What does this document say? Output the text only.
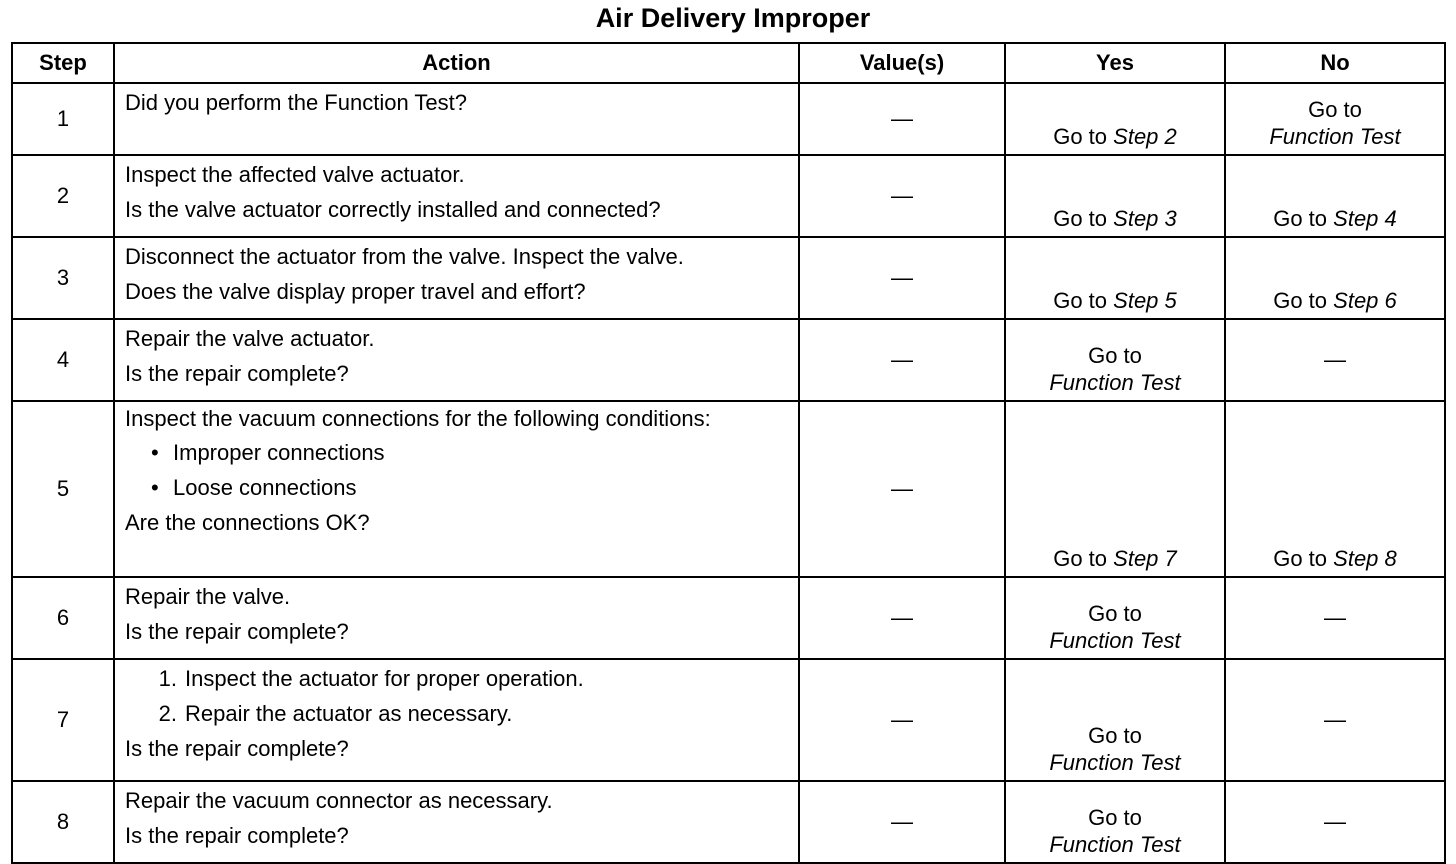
Air Delivery Improper
Step	Action	Value(s)	Yes	No
1	Did you perform the Function Test?	—	Go to Step 2	Go to
Function Test

2	Inspect the affected valve actuator.
Is the valve actuator correctly installed and connected?	—	Go to Step 3	Go to Step 4

3	Disconnect the actuator from the valve. Inspect the valve.
Does the valve display proper travel and effort?	—	Go to Step 5	Go to Step 6

4	Repair the valve actuator.
Is the repair complete?	—	Go to
Function Test	—
5	Inspect the vacuum connections for the following conditions:
• Improper connections
• Loose connections
Are the connections OK?	—	Go to Step 7	Go to Step 8

6	Repair the valve.
Is the repair complete?	—	Go to
Function Test	—
7	1. Inspect the actuator for proper operation.
2. Repair the actuator as necessary.
Is the repair complete?	—	Go to
Function Test	—
8	Repair the vacuum connector as necessary.
Is the repair complete?	—	Go to
Function Test	—
